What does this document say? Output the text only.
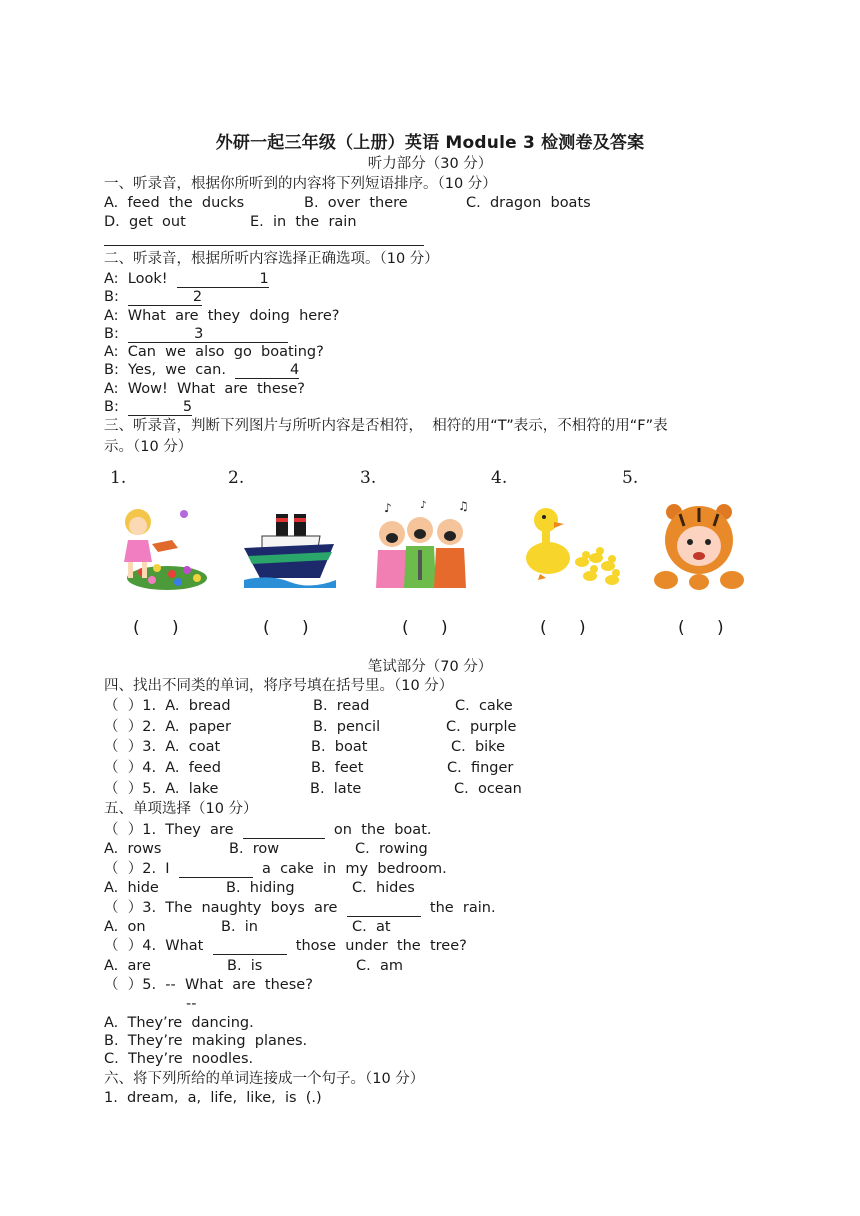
外研一起三年级（上册）英语 Module 3 检测卷及答案
听力部分（30 分）
一、听录音，根据你所听到的内容将下列短语排序。（10 分）
A.  feed  the  ducks	B.  over  there	C.  dragon  boats
D.  get  out	E.  in  the  rain
二、听录音，根据所听内容选择正确选项。（10 分）
A:  Look!	1
B:	2
A:  What  are  they  doing  here?
B:	3
A:  Can  we  also  go  boating?
B:  Yes,  we  can.	4
A:  Wow!  What  are  these?
B:	5
三、听录音，判断下列图片与所听内容是否相符，  相符的用“T”表示，不相符的用“F”表
示。（10 分）
1.	2.	3.	4.	5.
♪	♫
♪
(      )	(      )	(      )	(      )	(      )
笔试部分（70 分）
四、找出不同类的单词，将序号填在括号里。（10 分）
（  ）1.  A.  bread	B.  read	C.  cake
（  ）2.  A.  paper	B.  pencil	C.  purple
（  ）3.  A.  coat	B.  boat	C.  bike
（  ）4.  A.  feed	B.  feet	C.  finger
（  ）5.  A.  lake	B.  late	C.  ocean
五、单项选择（10 分）
（  ）1.  They  are	on  the  boat.
A.  rows	B.  row	C.  rowing
（  ）2.  I	a  cake  in  my  bedroom.
A.  hide	B.  hiding	C.  hides
（  ）3.  The  naughty  boys  are	the  rain.
A.  on	B.  in	C.  at
（  ）4.  What	those  under  the  tree?
A.  are	B.  is	C.  am
（  ）5.  --  What  are  these?
--
A.  They’re  dancing.
B.  They’re  making  planes.
C.  They’re  noodles.
六、将下列所给的单词连接成一个句子。（10 分）
1.  dream,  a,  life,  like,  is  (.)
